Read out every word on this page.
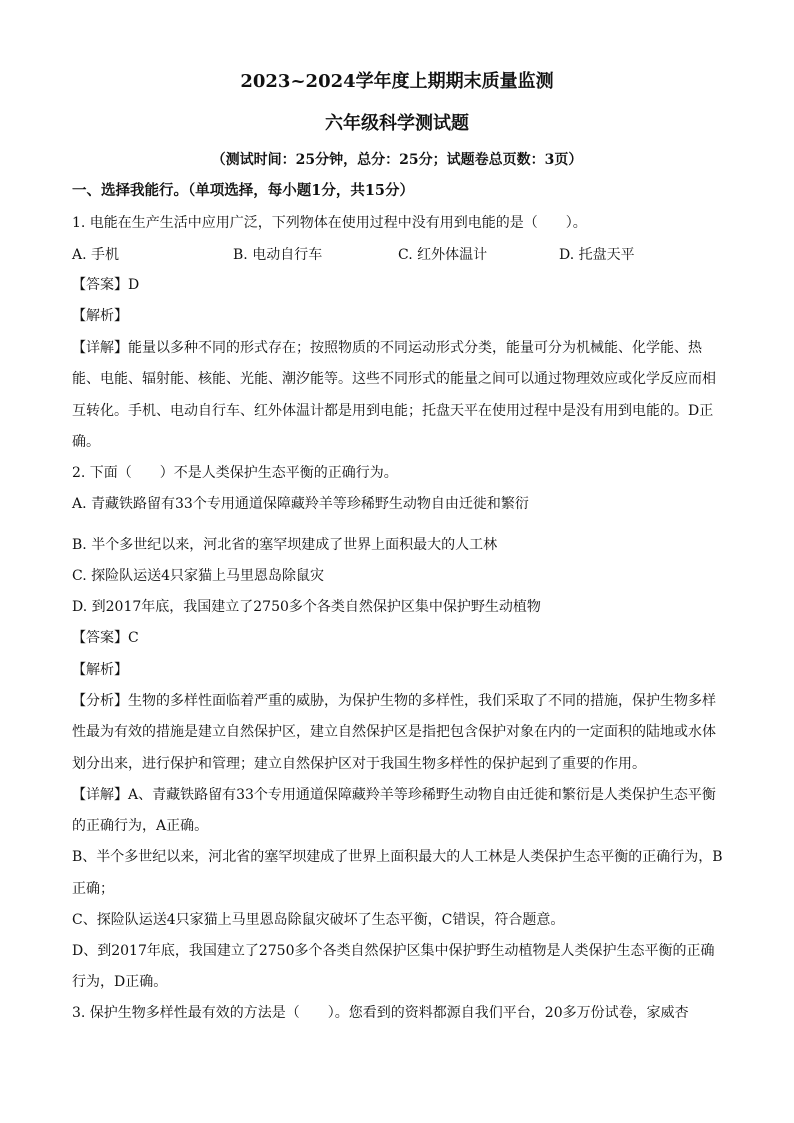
2023~2024学年度上期期末质量监测
六年级科学测试题
（测试时间：25分钟，总分：25分；试题卷总页数：3页）
一、选择我能行。（单项选择，每小题1分，共15分）
1. 电能在生产生活中应用广泛，下列物体在使用过程中没有用到电能的是（　　）。
A. 手机	B. 电动自行车	C. 红外体温计	D. 托盘天平
【答案】D
【解析】
【详解】能量以多种不同的形式存在；按照物质的不同运动形式分类，能量可分为机械能、化学能、热
能、电能、辐射能、核能、光能、潮汐能等。这些不同形式的能量之间可以通过物理效应或化学反应而相
互转化。手机、电动自行车、红外体温计都是用到电能；托盘天平在使用过程中是没有用到电能的。D正
确。
2. 下面（　　）不是人类保护生态平衡的正确行为。
A. 青藏铁路留有33个专用通道保障藏羚羊等珍稀野生动物自由迁徙和繁衍
B. 半个多世纪以来，河北省的塞罕坝建成了世界上面积最大的人工林
C. 探险队运送4只家猫上马里恩岛除鼠灾
D. 到2017年底，我国建立了2750多个各类自然保护区集中保护野生动植物
【答案】C
【解析】
【分析】生物的多样性面临着严重的威胁，为保护生物的多样性，我们采取了不同的措施，保护生物多样
性最为有效的措施是建立自然保护区，建立自然保护区是指把包含保护对象在内的一定面积的陆地或水体
划分出来，进行保护和管理；建立自然保护区对于我国生物多样性的保护起到了重要的作用。
【详解】A、青藏铁路留有33个专用通道保障藏羚羊等珍稀野生动物自由迁徙和繁衍是人类保护生态平衡
的正确行为，A正确。
B、半个多世纪以来，河北省的塞罕坝建成了世界上面积最大的人工林是人类保护生态平衡的正确行为，B
正确；
C、探险队运送4只家猫上马里恩岛除鼠灾破坏了生态平衡，C错误，符合题意。
D、到2017年底，我国建立了2750多个各类自然保护区集中保护野生动植物是人类保护生态平衡的正确
行为，D正确。
3. 保护生物多样性最有效的方法是（　　）。您看到的资料都源自我们平台，20多万份试卷，家威杏
